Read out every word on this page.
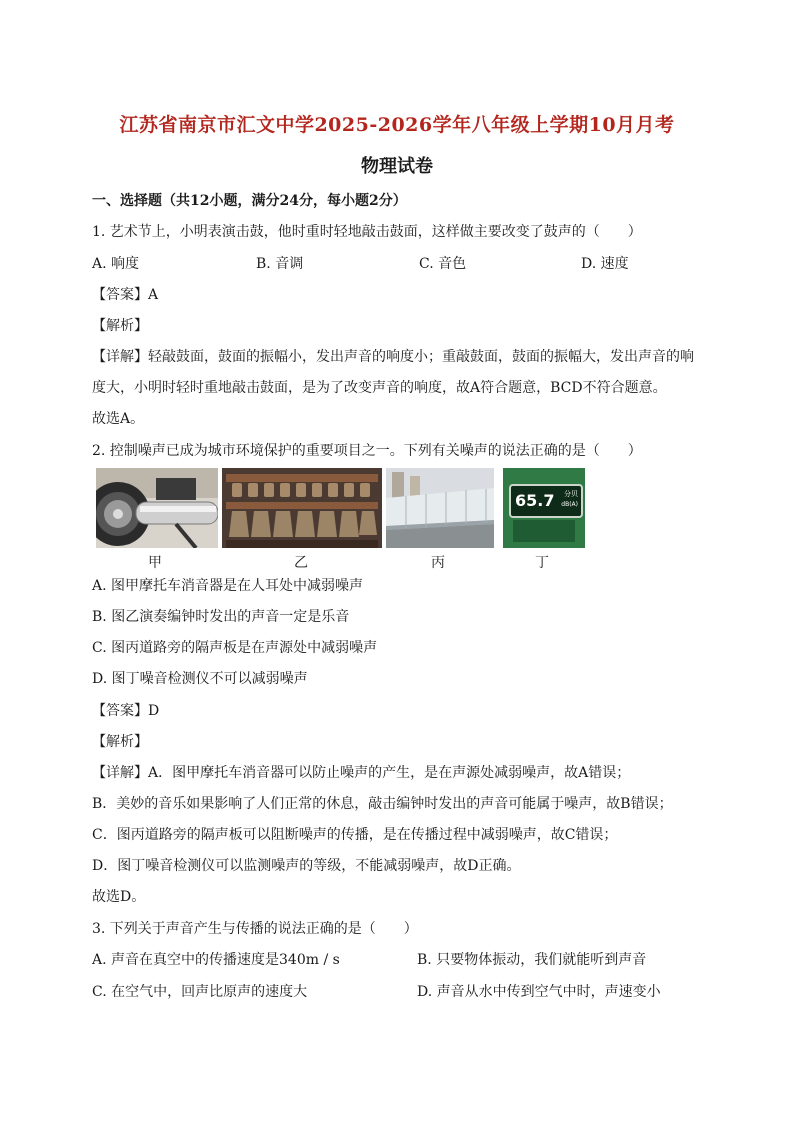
江苏省南京市汇文中学2025-2026学年八年级上学期10月月考
物理试卷
一、选择题（共12小题，满分24分，每小题2分）
1. 艺术节上，小明表演击鼓，他时重时轻地敲击鼓面，这样做主要改变了鼓声的（　　）
A. 响度	B. 音调	C. 音色	D. 速度
【答案】A
【解析】
【详解】轻敲鼓面，鼓面的振幅小，发出声音的响度小；重敲鼓面，鼓面的振幅大，发出声音的响
度大，小明时轻时重地敲击鼓面，是为了改变声音的响度，故A符合题意，BCD不符合题意。
故选A。
2. 控制噪声已成为城市环境保护的重要项目之一。下列有关噪声的说法正确的是（　　）
65.7 分贝
dB(A)
甲	乙	丙	丁
A. 图甲摩托车消音器是在人耳处中减弱噪声
B. 图乙演奏编钟时发出的声音一定是乐音
C. 图丙道路旁的隔声板是在声源处中减弱噪声
D. 图丁噪音检测仪不可以减弱噪声
【答案】D
【解析】
【详解】A．图甲摩托车消音器可以防止噪声的产生，是在声源处减弱噪声，故A错误；
B．美妙的音乐如果影响了人们正常的休息，敲击编钟时发出的声音可能属于噪声，故B错误；
C．图丙道路旁的隔声板可以阻断噪声的传播，是在传播过程中减弱噪声，故C错误；
D．图丁噪音检测仪可以监测噪声的等级，不能减弱噪声，故D正确。
故选D。
3. 下列关于声音产生与传播的说法正确的是（　　）
A. 声音在真空中的传播速度是340m / s	B. 只要物体振动，我们就能听到声音
C. 在空气中，回声比原声的速度大	D. 声音从水中传到空气中时，声速变小
